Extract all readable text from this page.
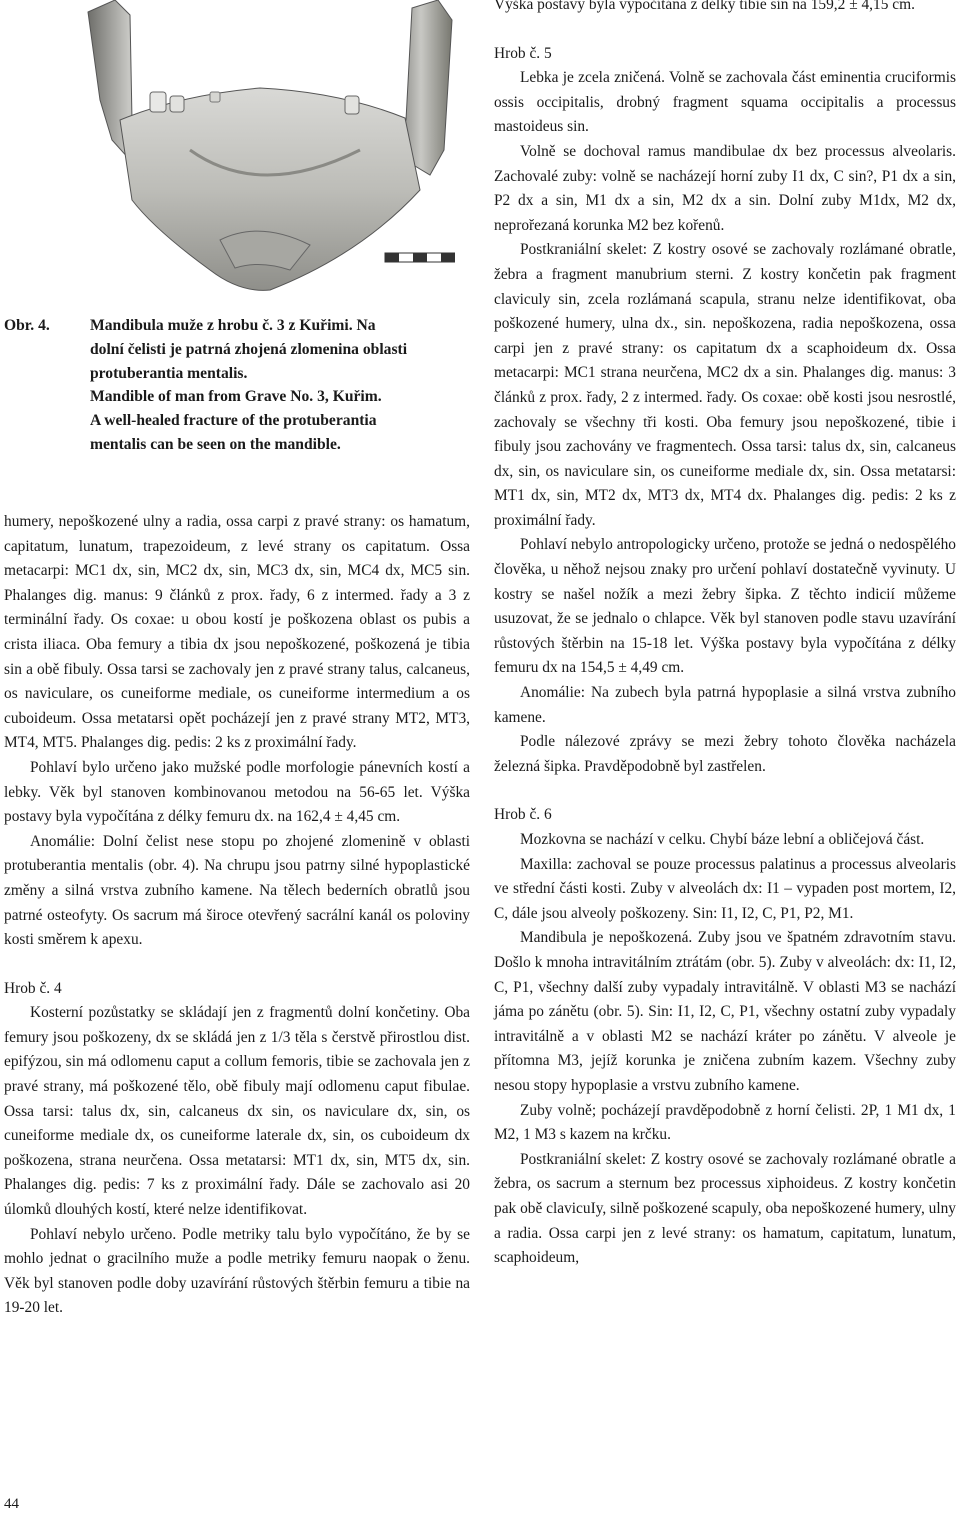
Obr. 4.	Mandibula muže z hrobu č. 3 z Kuřimi. Na
dolní čelisti je patrná zhojená zlomenina oblasti
protuberantia mentalis.
Mandible of man from Grave No. 3, Kuřim.
A well-healed fracture of the protuberantia
mentalis can be seen on the mandible.

humery, nepoškozené ulny a radia, ossa carpi z pravé strany: os hamatum, capitatum, lunatum, trapezoideum, z levé strany os capitatum. Ossa metacarpi: MC1 dx, sin, MC2 dx, sin, MC3 dx, sin, MC4 dx, MC5 sin. Phalanges dig. manus: 9 článků z prox. řady, 6 z intermed. řady a 3 z terminální řady. Os coxae: u obou kostí je poškozena oblast os pubis a crista iliaca. Oba femury a tibia dx jsou nepoškozené, poškozená je tibia sin a obě fibuly. Ossa tarsi se zachovaly jen z pravé strany talus, calcaneus, os naviculare, os cuneiforme mediale, os cuneiforme intermedium a os cuboideum. Ossa metatarsi opět pocházejí jen z pravé strany MT2, MT3, MT4, MT5. Phalanges dig. pedis: 2 ks z proximální řady.

Pohlaví bylo určeno jako mužské podle morfologie pánevních kostí a lebky. Věk byl stanoven kombinovanou metodou na 56-65 let. Výška postavy byla vypočítána z délky femuru dx. na 162,4 ± 4,45 cm.

Anomálie: Dolní čelist nese stopu po zhojené zlomenině v oblasti protuberantia mentalis (obr. 4). Na chrupu jsou patrny silné hypoplastické změny a silná vrstva zubního kamene. Na tělech bederních obratlů jsou patrné osteofyty. Os sacrum má široce otevřený sacrální kanál os poloviny kosti směrem k apexu.

Hrob č. 4

Kosterní pozůstatky se skládají jen z fragmentů dolní končetiny. Oba femury jsou poškozeny, dx se skládá jen z 1/3 těla s čerstvě přirostlou dist. epifýzou, sin má odlomenu caput a collum femoris, tibie se zachovala jen z pravé strany, má poškozené tělo, obě fibuly mají odlomenu caput fibulae. Ossa tarsi: talus dx, sin, calcaneus dx sin, os naviculare dx, sin, os cuneiforme mediale dx, os cuneiforme laterale dx, sin, os cuboideum dx poškozena, strana neurčena. Ossa metatarsi: MT1 dx, sin, MT5 dx, sin. Phalanges dig. pedis: 7 ks z proximální řady. Dále se zachovalo asi 20 úlomků dlouhých kostí, které nelze identifikovat.

Pohlaví nebylo určeno. Podle metriky talu bylo vypočítáno, že by se mohlo jednat o gracilního muže a podle metriky femuru naopak o ženu. Věk byl stanoven podle doby uzavírání růstových štěrbin femuru a tibie na 19-20 let.

Výška postavy byla vypočítána z délky tibie sin na 159,2 ± 4,15 cm.

Hrob č. 5

Lebka je zcela zničená. Volně se zachovala část eminentia cruciformis ossis occipitalis, drobný fragment squama occipitalis a processus mastoideus sin.

Volně se dochoval ramus mandibulae dx bez processus alveolaris. Zachovalé zuby: volně se nacházejí horní zuby I1 dx, C sin?, P1 dx a sin, P2 dx a sin, M1 dx a sin, M2 dx a sin. Dolní zuby M1dx, M2 dx, neprořezaná korunka M2 bez kořenů.

Postkraniální skelet: Z kostry osové se zachovaly rozlámané obratle, žebra a fragment manubrium sterni. Z kostry končetin pak fragment claviculy sin, zcela rozlámaná scapula, stranu nelze identifikovat, oba poškozené humery, ulna dx., sin. nepoškozena, radia nepoškozena, ossa carpi jen z pravé strany: os capitatum dx a scaphoideum dx. Ossa metacarpi: MC1 strana neurčena, MC2 dx a sin. Phalanges dig. manus: 3 článků z prox. řady, 2 z intermed. řady. Os coxae: obě kosti jsou nesrostlé, zachovaly se všechny tři kosti. Oba femury jsou nepoškozené, tibie i fibuly jsou zachovány ve fragmentech. Ossa tarsi: talus dx, sin, calcaneus dx, sin, os naviculare sin, os cuneiforme mediale dx, sin. Ossa metatarsi: MT1 dx, sin, MT2 dx, MT3 dx, MT4 dx. Phalanges dig. pedis: 2 ks z proximální řady.

Pohlaví nebylo antropologicky určeno, protože se jedná o nedospělého člověka, u něhož nejsou znaky pro určení pohlaví dostatečně vyvinuty. U kostry se našel nožík a mezi žebry šipka. Z těchto indicií můžeme usuzovat, že se jednalo o chlapce. Věk byl stanoven podle stavu uzavírání růstových štěrbin na 15-18 let. Výška postavy byla vypočítána z délky femuru dx na 154,5 ± 4,49 cm.

Anomálie: Na zubech byla patrná hypoplasie a silná vrstva zubního kamene.

Podle nálezové zprávy se mezi žebry tohoto člověka nacházela železná šipka. Pravděpodobně byl zastřelen.

Hrob č. 6

Mozkovna se nachází v celku. Chybí báze lební a obličejová část.

Maxilla: zachoval se pouze processus palatinus a processus alveolaris ve střední části kosti. Zuby v alveolách dx: I1 – vypaden post mortem, I2, C, dále jsou alveoly poškozeny. Sin: I1, I2, C, P1, P2, M1.

Mandibula je nepoškozená. Zuby jsou ve špatném zdravotním stavu. Došlo k mnoha intravitálním ztrátám (obr. 5). Zuby v alveolách: dx: I1, I2, C, P1, všechny další zuby vypadaly intravitálně. V oblasti M3 se nachází jáma po zánětu (obr. 5). Sin: I1, I2, C, P1, všechny ostatní zuby vypadaly intravitálně a v oblasti M2 se nachází kráter po zánětu. V alveole je přítomna M3, jejíž korunka je zničena zubním kazem. Všechny zuby nesou stopy hypoplasie a vrstvu zubního kamene.

Zuby volně; pocházejí pravděpodobně z horní čelisti. 2P, 1 M1 dx, 1 M2, 1 M3 s kazem na krčku.

Postkraniální skelet: Z kostry osové se zachovaly rozlámané obratle a žebra, os sacrum a sternum bez processus xiphoideus. Z kostry končetin pak obě clavicuIy, silně poškozené scapuly, oba nepoškozené humery, ulny a radia. Ossa carpi jen z levé strany: os hamatum, capitatum, lunatum, scaphoideum,

44
